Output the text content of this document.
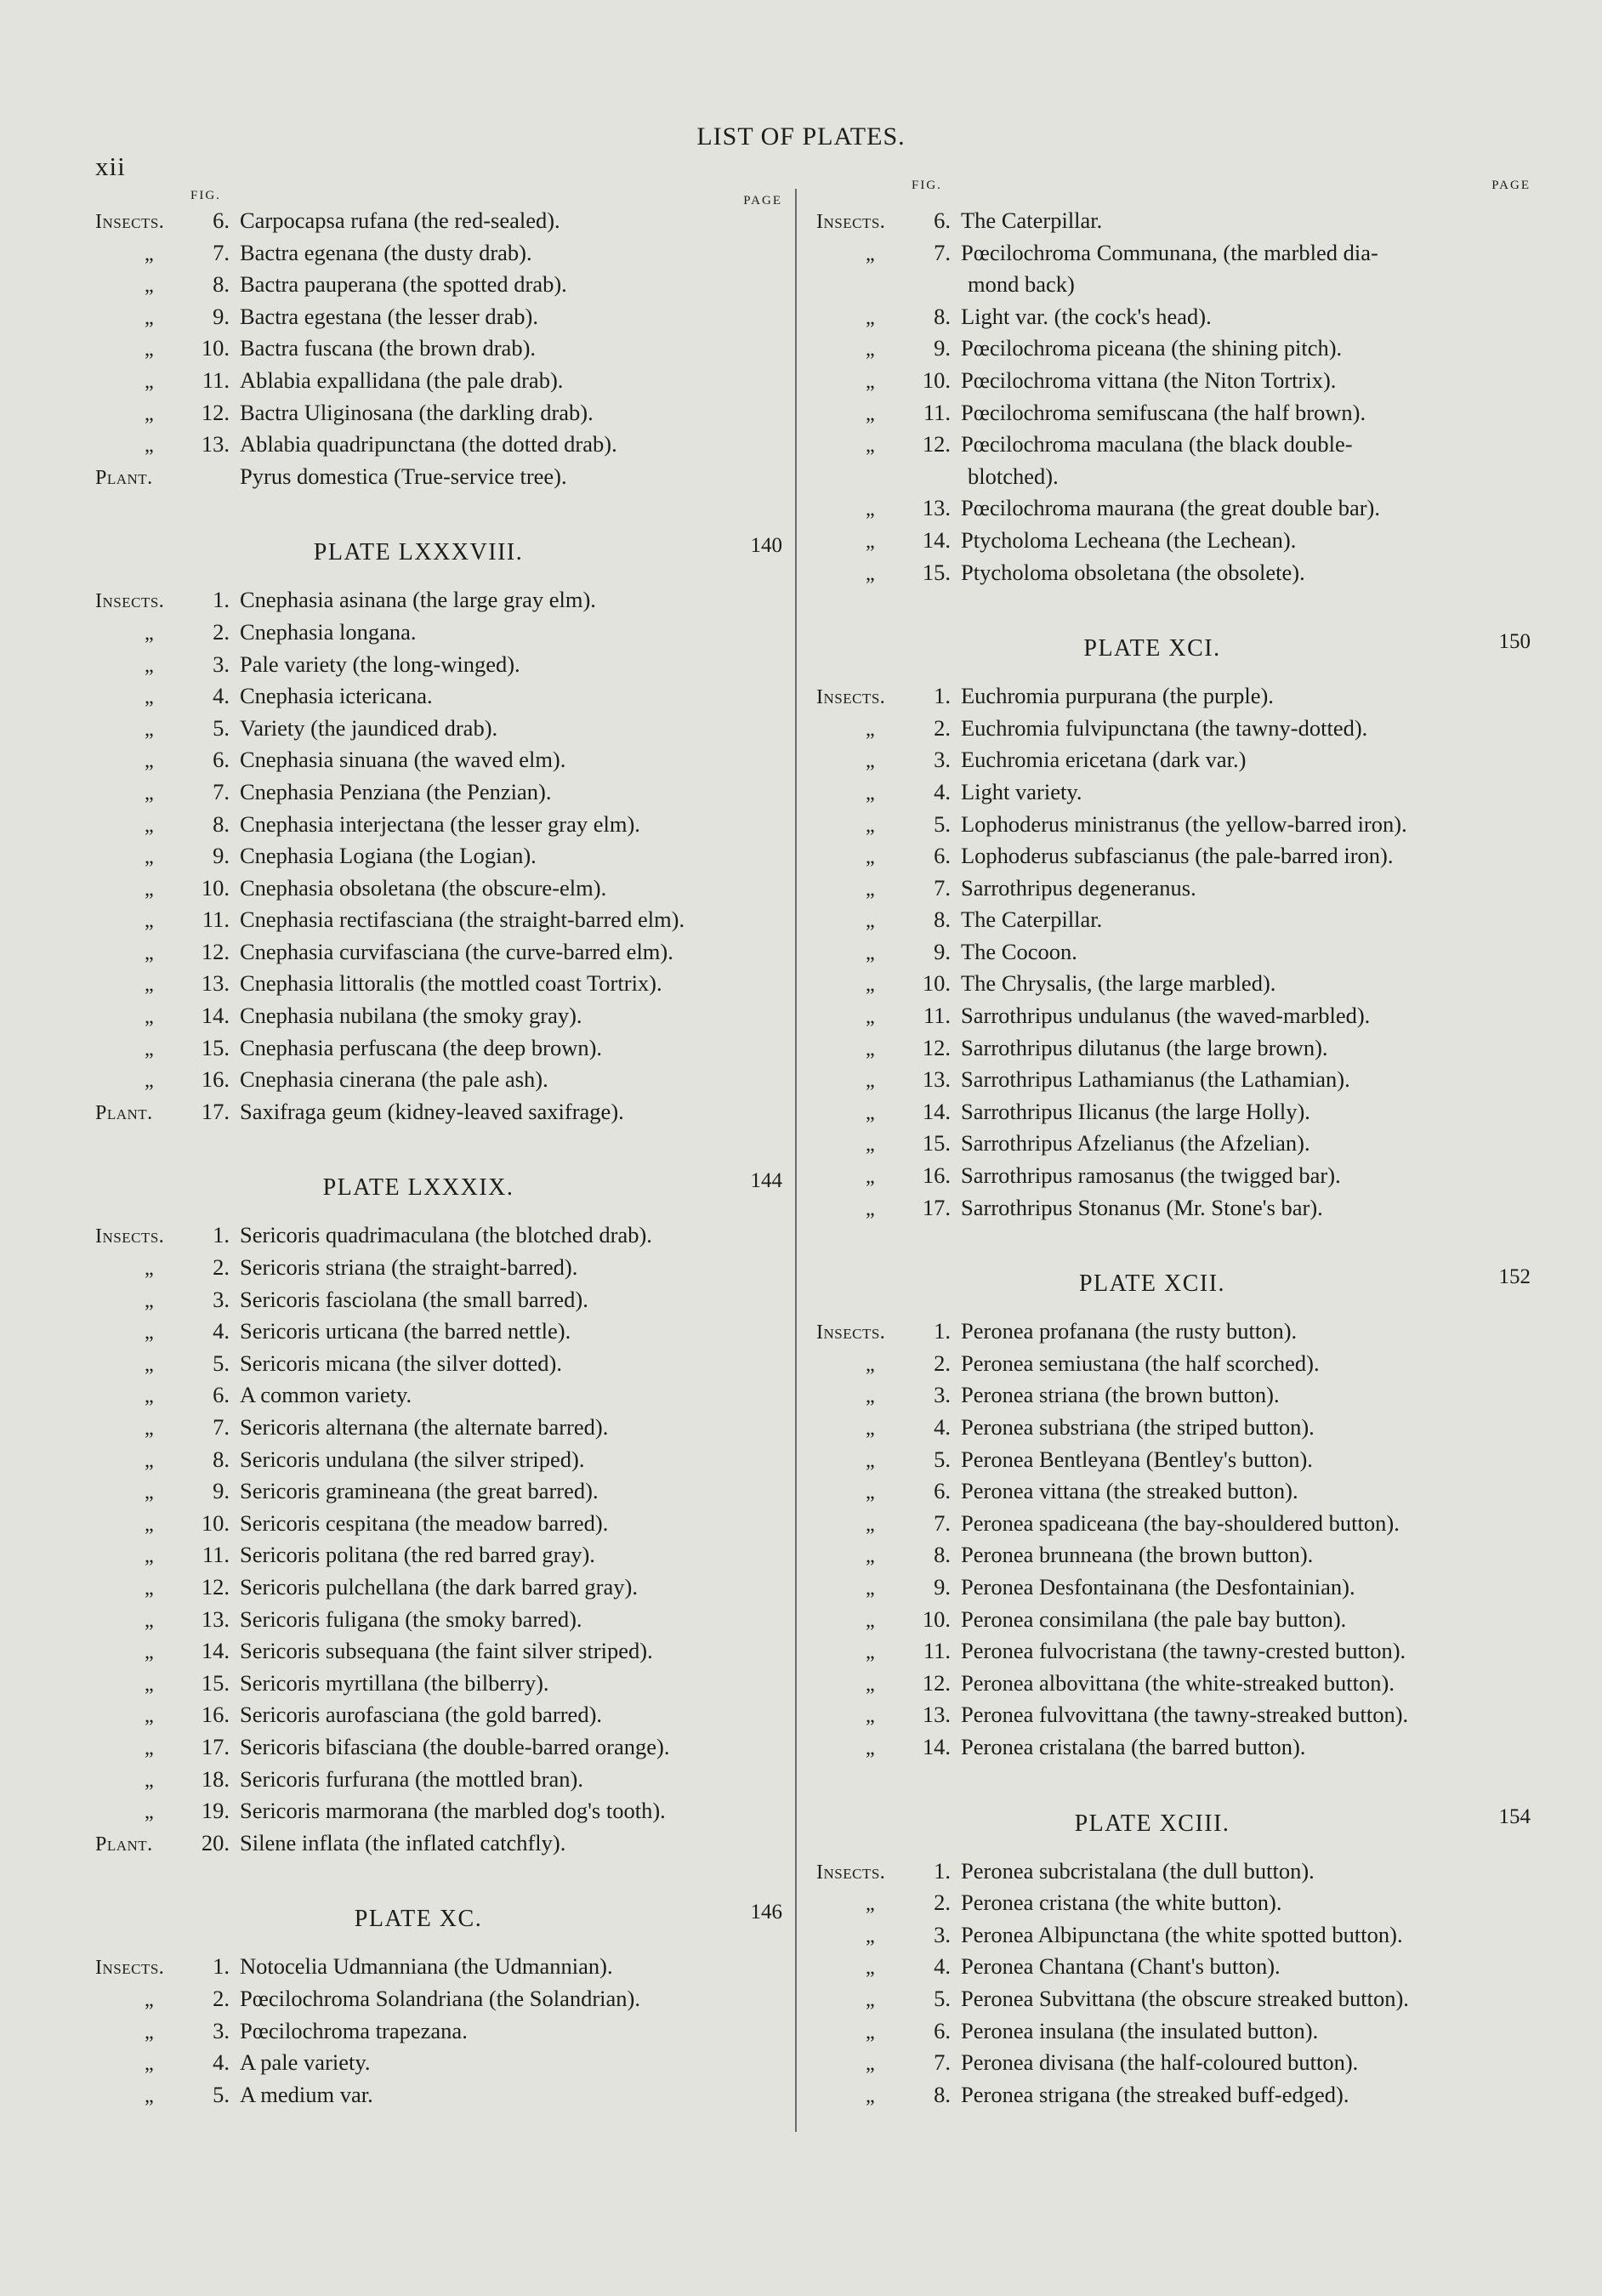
xii
LIST OF PLATES.
FIG.	PAGE
Insects.	6. Carpocapsa rufana (the red-sealed).
„	7. Bactra egenana (the dusty drab).
„	8. Bactra pauperana (the spotted drab).
„	9. Bactra egestana (the lesser drab).
„	10. Bactra fuscana (the brown drab).
„	11. Ablabia expallidana (the pale drab).
„	12. Bactra Uliginosana (the darkling drab).
„	13. Ablabia quadripunctana (the dotted drab).
Plant.	Pyrus domestica (True-service tree).
PLATE LXXXVIII.	140
Insects.	1. Cnephasia asinana (the large gray elm).
„	2. Cnephasia longana.
„	3. Pale variety (the long-winged).
„	4. Cnephasia ictericana.
„	5. Variety (the jaundiced drab).
„	6. Cnephasia sinuana (the waved elm).
„	7. Cnephasia Penziana (the Penzian).
„	8. Cnephasia interjectana (the lesser gray elm).
„	9. Cnephasia Logiana (the Logian).
„	10. Cnephasia obsoletana (the obscure-elm).
„	11. Cnephasia rectifasciana (the straight-barred elm).
„	12. Cnephasia curvifasciana (the curve-barred elm).
„	13. Cnephasia littoralis (the mottled coast Tortrix).
„	14. Cnephasia nubilana (the smoky gray).
„	15. Cnephasia perfuscana (the deep brown).
„	16. Cnephasia cinerana (the pale ash).
Plant.	17. Saxifraga geum (kidney-leaved saxifrage).
PLATE LXXXIX.	144
Insects.	1. Sericoris quadrimaculana (the blotched drab).
„	2. Sericoris striana (the straight-barred).
„	3. Sericoris fasciolana (the small barred).
„	4. Sericoris urticana (the barred nettle).
„	5. Sericoris micana (the silver dotted).
„	6. A common variety.
„	7. Sericoris alternana (the alternate barred).
„	8. Sericoris undulana (the silver striped).
„	9. Sericoris gramineana (the great barred).
„	10. Sericoris cespitana (the meadow barred).
„	11. Sericoris politana (the red barred gray).
„	12. Sericoris pulchellana (the dark barred gray).
„	13. Sericoris fuligana (the smoky barred).
„	14. Sericoris subsequana (the faint silver striped).
„	15. Sericoris myrtillana (the bilberry).
„	16. Sericoris aurofasciana (the gold barred).
„	17. Sericoris bifasciana (the double-barred orange).
„	18. Sericoris furfurana (the mottled bran).
„	19. Sericoris marmorana (the marbled dog's tooth).
Plant.	20. Silene inflata (the inflated catchfly).
PLATE XC.	146
Insects.	1. Notocelia Udmanniana (the Udmannian).
„	2. Pœcilochroma Solandriana (the Solandrian).
„	3. Pœcilochroma trapezana.
„	4. A pale variety.
„	5. A medium var.
FIG.	PAGE
Insects.	6. The Caterpillar.
„	7. Pœcilochroma Communana, (the marbled dia-
mond back)
„	8. Light var. (the cock's head).
„	9. Pœcilochroma piceana (the shining pitch).
„	10. Pœcilochroma vittana (the Niton Tortrix).
„	11. Pœcilochroma semifuscana (the half brown).
„	12. Pœcilochroma maculana (the black double-
blotched).
„	13. Pœcilochroma maurana (the great double bar).
„	14. Ptycholoma Lecheana (the Lechean).
„	15. Ptycholoma obsoletana (the obsolete).
PLATE XCI.	150
Insects.	1. Euchromia purpurana (the purple).
„	2. Euchromia fulvipunctana (the tawny-dotted).
„	3. Euchromia ericetana (dark var.)
„	4. Light variety.
„	5. Lophoderus ministranus (the yellow-barred iron).
„	6. Lophoderus subfascianus (the pale-barred iron).
„	7. Sarrothripus degeneranus.
„	8. The Caterpillar.
„	9. The Cocoon.
„	10. The Chrysalis, (the large marbled).
„	11. Sarrothripus undulanus (the waved-marbled).
„	12. Sarrothripus dilutanus (the large brown).
„	13. Sarrothripus Lathamianus (the Lathamian).
„	14. Sarrothripus Ilicanus (the large Holly).
„	15. Sarrothripus Afzelianus (the Afzelian).
„	16. Sarrothripus ramosanus (the twigged bar).
„	17. Sarrothripus Stonanus (Mr. Stone's bar).
PLATE XCII.	152
Insects.	1. Peronea profanana (the rusty button).
„	2. Peronea semiustana (the half scorched).
„	3. Peronea striana (the brown button).
„	4. Peronea substriana (the striped button).
„	5. Peronea Bentleyana (Bentley's button).
„	6. Peronea vittana (the streaked button).
„	7. Peronea spadiceana (the bay-shouldered button).
„	8. Peronea brunneana (the brown button).
„	9. Peronea Desfontainana (the Desfontainian).
„	10. Peronea consimilana (the pale bay button).
„	11. Peronea fulvocristana (the tawny-crested button).
„	12. Peronea albovittana (the white-streaked button).
„	13. Peronea fulvovittana (the tawny-streaked button).
„	14. Peronea cristalana (the barred button).
PLATE XCIII.	154
Insects.	1. Peronea subcristalana (the dull button).
„	2. Peronea cristana (the white button).
„	3. Peronea Albipunctana (the white spotted button).
„	4. Peronea Chantana (Chant's button).
„	5. Peronea Subvittana (the obscure streaked button).
„	6. Peronea insulana (the insulated button).
„	7. Peronea divisana (the half-coloured button).
„	8. Peronea strigana (the streaked buff-edged).
